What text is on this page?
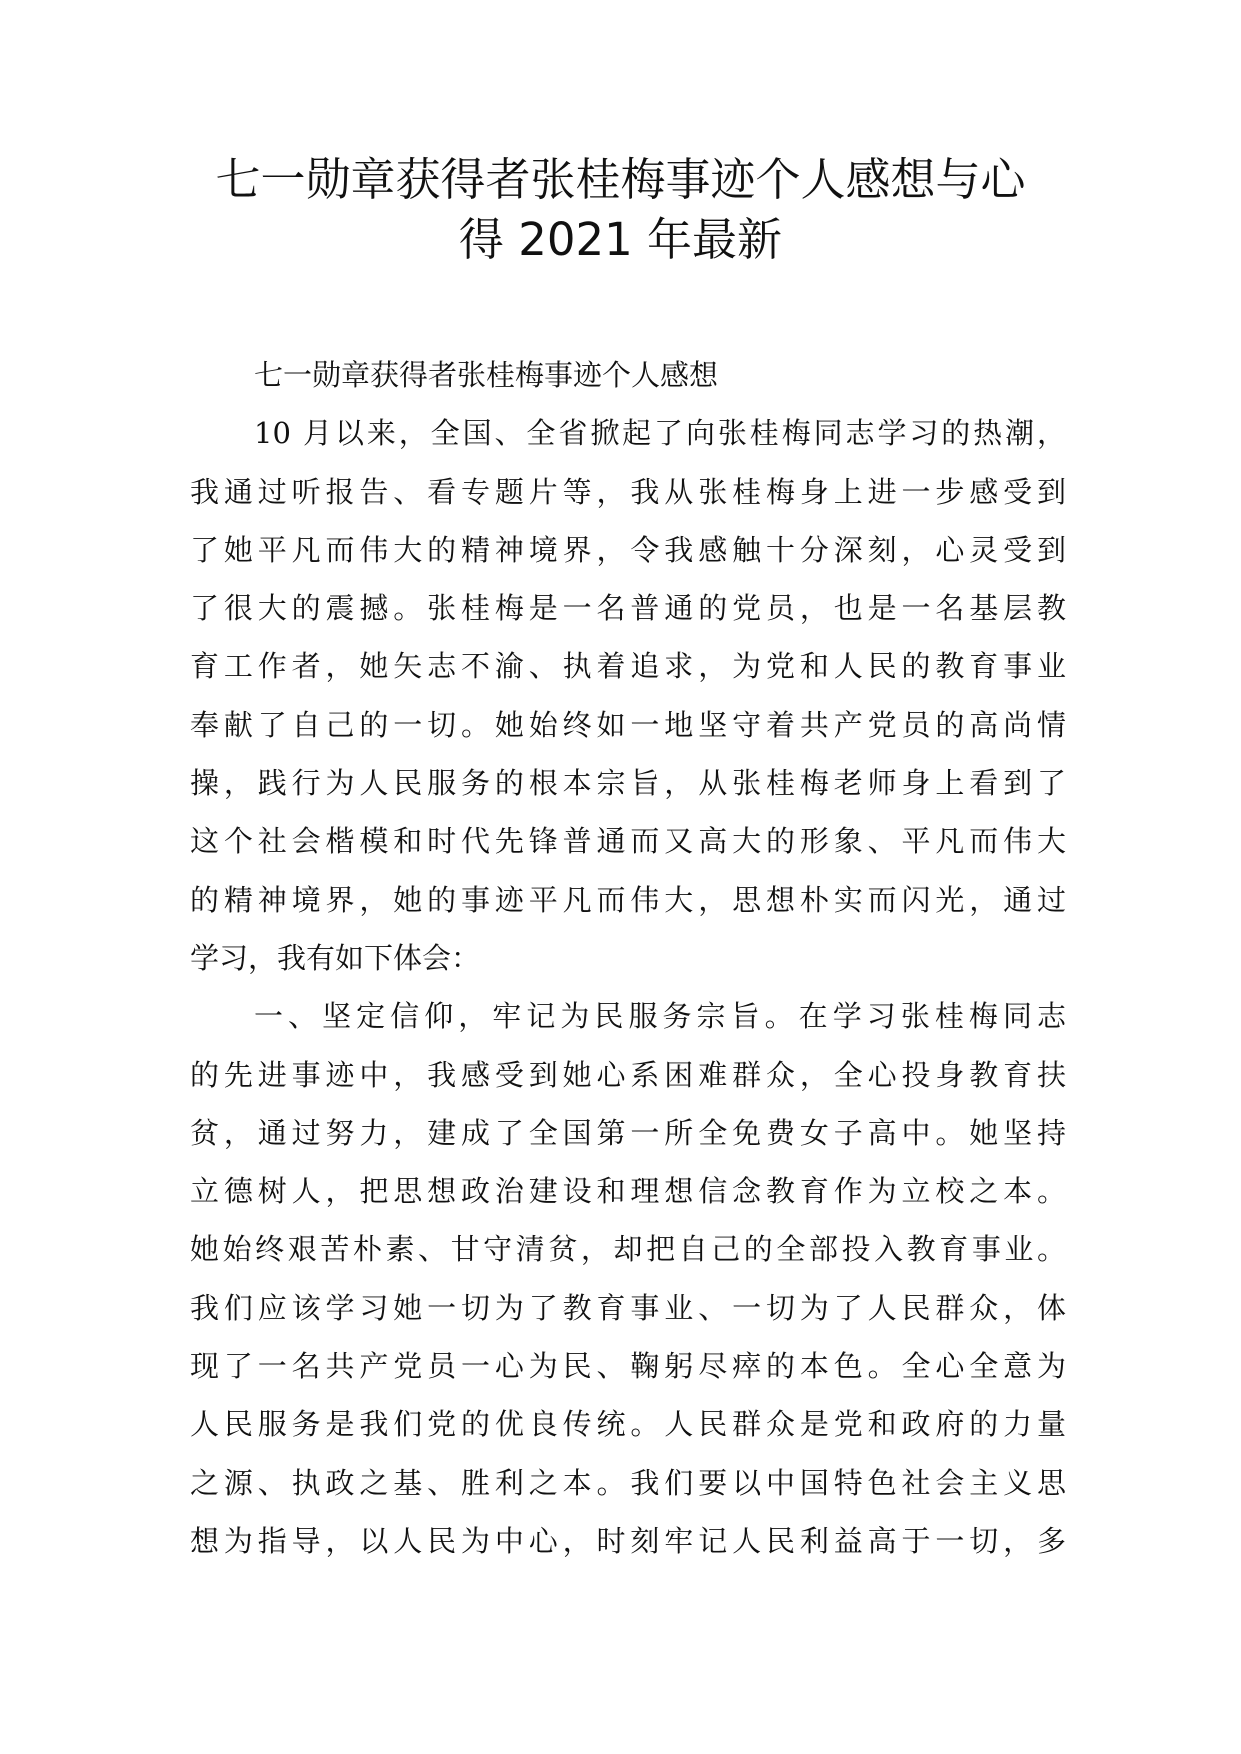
七一勋章获得者张桂梅事迹个人感想与心
得 2021 年最新
七一勋章获得者张桂梅事迹个人感想
10 月以来，全国、全省掀起了向张桂梅同志学习的热潮，
我通过听报告、看专题片等，我从张桂梅身上进一步感受到
了她平凡而伟大的精神境界，令我感触十分深刻，心灵受到
了很大的震撼。张桂梅是一名普通的党员，也是一名基层教
育工作者，她矢志不渝、执着追求，为党和人民的教育事业
奉献了自己的一切。她始终如一地坚守着共产党员的高尚情
操，践行为人民服务的根本宗旨，从张桂梅老师身上看到了
这个社会楷模和时代先锋普通而又高大的形象、平凡而伟大
的精神境界，她的事迹平凡而伟大，思想朴实而闪光，通过
学习，我有如下体会：
一、坚定信仰，牢记为民服务宗旨。在学习张桂梅同志
的先进事迹中，我感受到她心系困难群众，全心投身教育扶
贫，通过努力，建成了全国第一所全免费女子高中。她坚持
立德树人，把思想政治建设和理想信念教育作为立校之本。
她始终艰苦朴素、甘守清贫，却把自己的全部投入教育事业。
我们应该学习她一切为了教育事业、一切为了人民群众，体
现了一名共产党员一心为民、鞠躬尽瘁的本色。全心全意为
人民服务是我们党的优良传统。人民群众是党和政府的力量
之源、执政之基、胜利之本。我们要以中国特色社会主义思
想为指导，以人民为中心，时刻牢记人民利益高于一切，多
